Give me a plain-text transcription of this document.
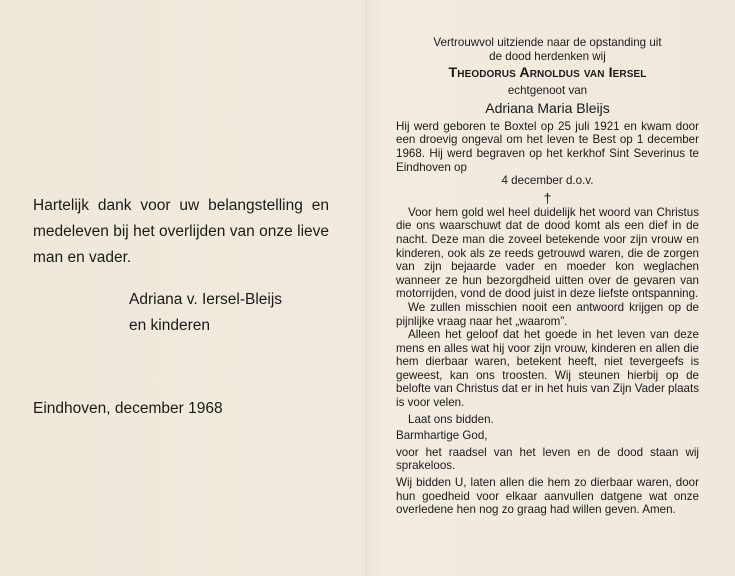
Hartelijk dank voor uw belangstelling en medeleven bij het overlijden van onze lieve man en vader.
Adriana v. Iersel-Bleijs
en kinderen
Eindhoven, december 1968
Vertrouwvol uitziende naar de opstanding uit
de dood herdenken wij
Theodorus Arnoldus van Iersel
echtgenoot van
Adriana Maria Bleijs
Hij werd geboren te Boxtel op 25 juli 1921 en kwam door een droevig ongeval om het leven te Best op 1 december 1968. Hij werd begraven op het kerkhof Sint Severinus te Eindhoven op
4 december d.o.v.
†
Voor hem gold wel heel duidelijk het woord van Christus die ons waarschuwt dat de dood komt als een dief in de nacht. Deze man die zoveel betekende voor zijn vrouw en kinderen, ook als ze reeds getrouwd waren, die de zorgen van zijn bejaarde vader en moeder kon weglachen wanneer ze hun bezorgdheid uitten over de gevaren van motorrijden, vond de dood juist in deze liefste ontspanning.
We zullen misschien nooit een antwoord krijgen op de pijnlijke vraag naar het „waarom”.
Alleen het geloof dat het goede in het leven van deze mens en alles wat hij voor zijn vrouw, kinderen en allen die hem dierbaar waren, betekent heeft, niet tevergeefs is geweest, kan ons troosten. Wij steunen hierbij op de belofte van Christus dat er in het huis van Zijn Vader plaats is voor velen.
Laat ons bidden.
Barmhartige God,
voor het raadsel van het leven en de dood staan wij sprakeloos.
Wij bidden U, laten allen die hem zo dierbaar waren, door hun goedheid voor elkaar aanvullen datgene wat onze overledene hen nog zo graag had willen geven. Amen.
